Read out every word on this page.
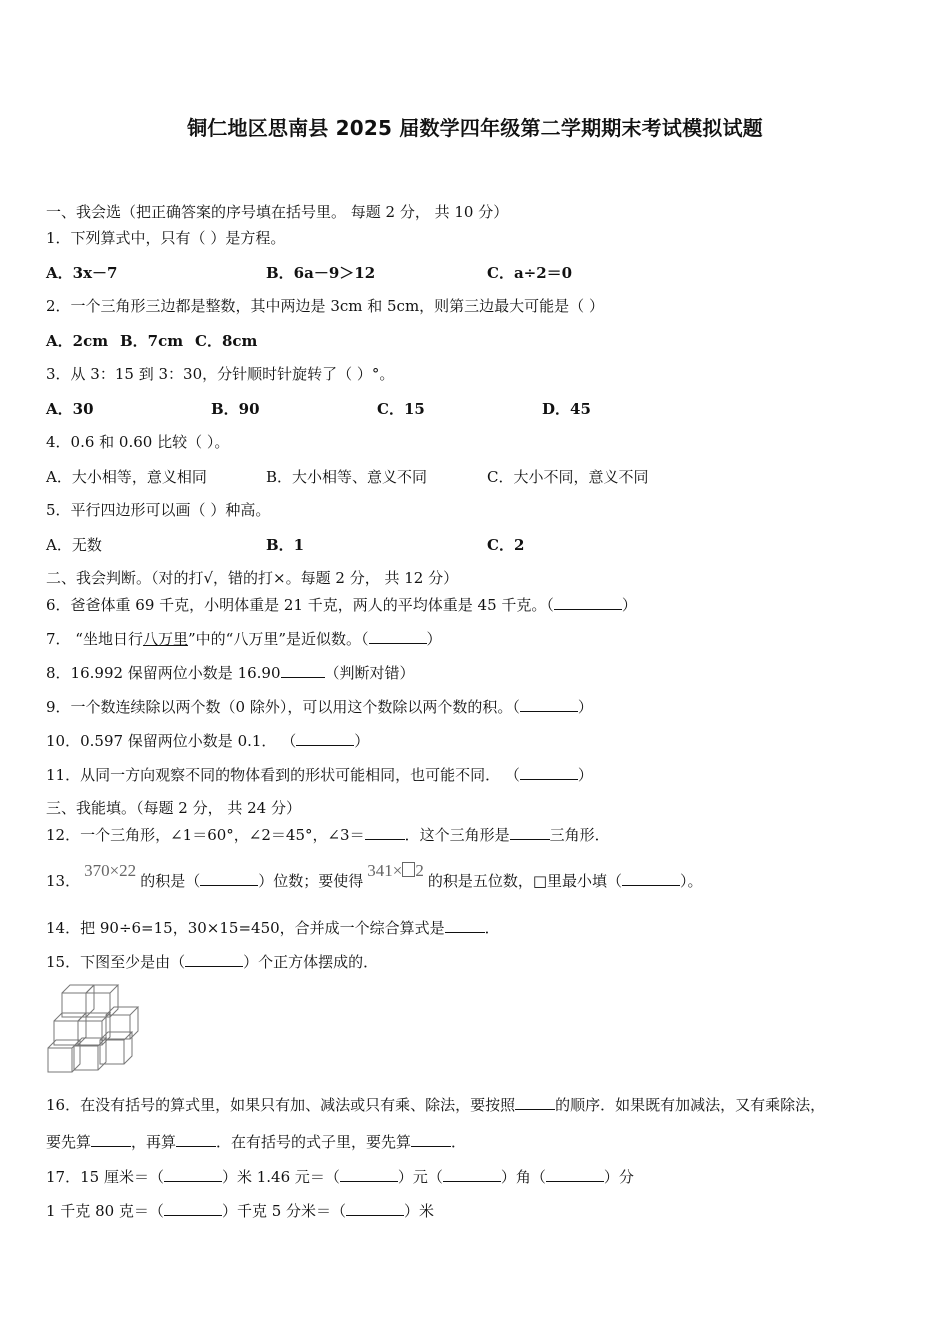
铜仁地区思南县 2025 届数学四年级第二学期期末考试模拟试题
一、我会选（把正确答案的序号填在括号里。 每题 2 分， 共 10 分）
1．下列算式中，只有（ ）是方程。
A．3x－7	B．6a－9＞12	C．a÷2＝0
2．一个三角形三边都是整数，其中两边是 3cm 和 5cm，则第三边最大可能是（ ）
A．2cm B．7cm C．8cm
3．从 3：15 到 3：30，分针顺时针旋转了（ ）°。
A．30	B．90	C．15	D．45
4．0.6 和 0.60 比较（ ）。
A．大小相等，意义相同	B．大小相等、意义不同	C．大小不同，意义不同
5．平行四边形可以画（ ）种高。
A．无数	B．1	C．2
二、我会判断。（对的打√，错的打×。每题 2 分， 共 12 分）
6．爸爸体重 69 千克，小明体重是 21 千克，两人的平均体重是 45 千克。（	）
7． “坐地日行八万里”中的“八万里”是近似数。（	）
8．16.992 保留两位小数是 16.90	（判断对错）
9．一个数连续除以两个数（0 除外），可以用这个数除以两个数的积。（	）
10．0.597 保留两位小数是 0.1． （	）
11．从同一方向观察不同的物体看到的形状可能相同，也可能不同． （	）
三、我能填。（每题 2 分， 共 24 分）
12．一个三角形，∠1＝60°，∠2＝45°，∠3＝	．这个三角形是	三角形．
13．370×22的积是（	）位数；要使得341× 2的积是五位数，□里最小填（	）。
14．把 90÷6=15，30×15=450，合并成一个综合算式是	．
15．下图至少是由（	）个正方体摆成的．
16．在没有括号的算式里，如果只有加、减法或只有乘、除法，要按照	的顺序．如果既有加减法，又有乘除法，
要先算	，再算	．在有括号的式子里，要先算	．
17．15 厘米＝（	）米 1.46 元＝（	）元（	）角（	）分
1 千克 80 克＝（	）千克 5 分米＝（	）米
